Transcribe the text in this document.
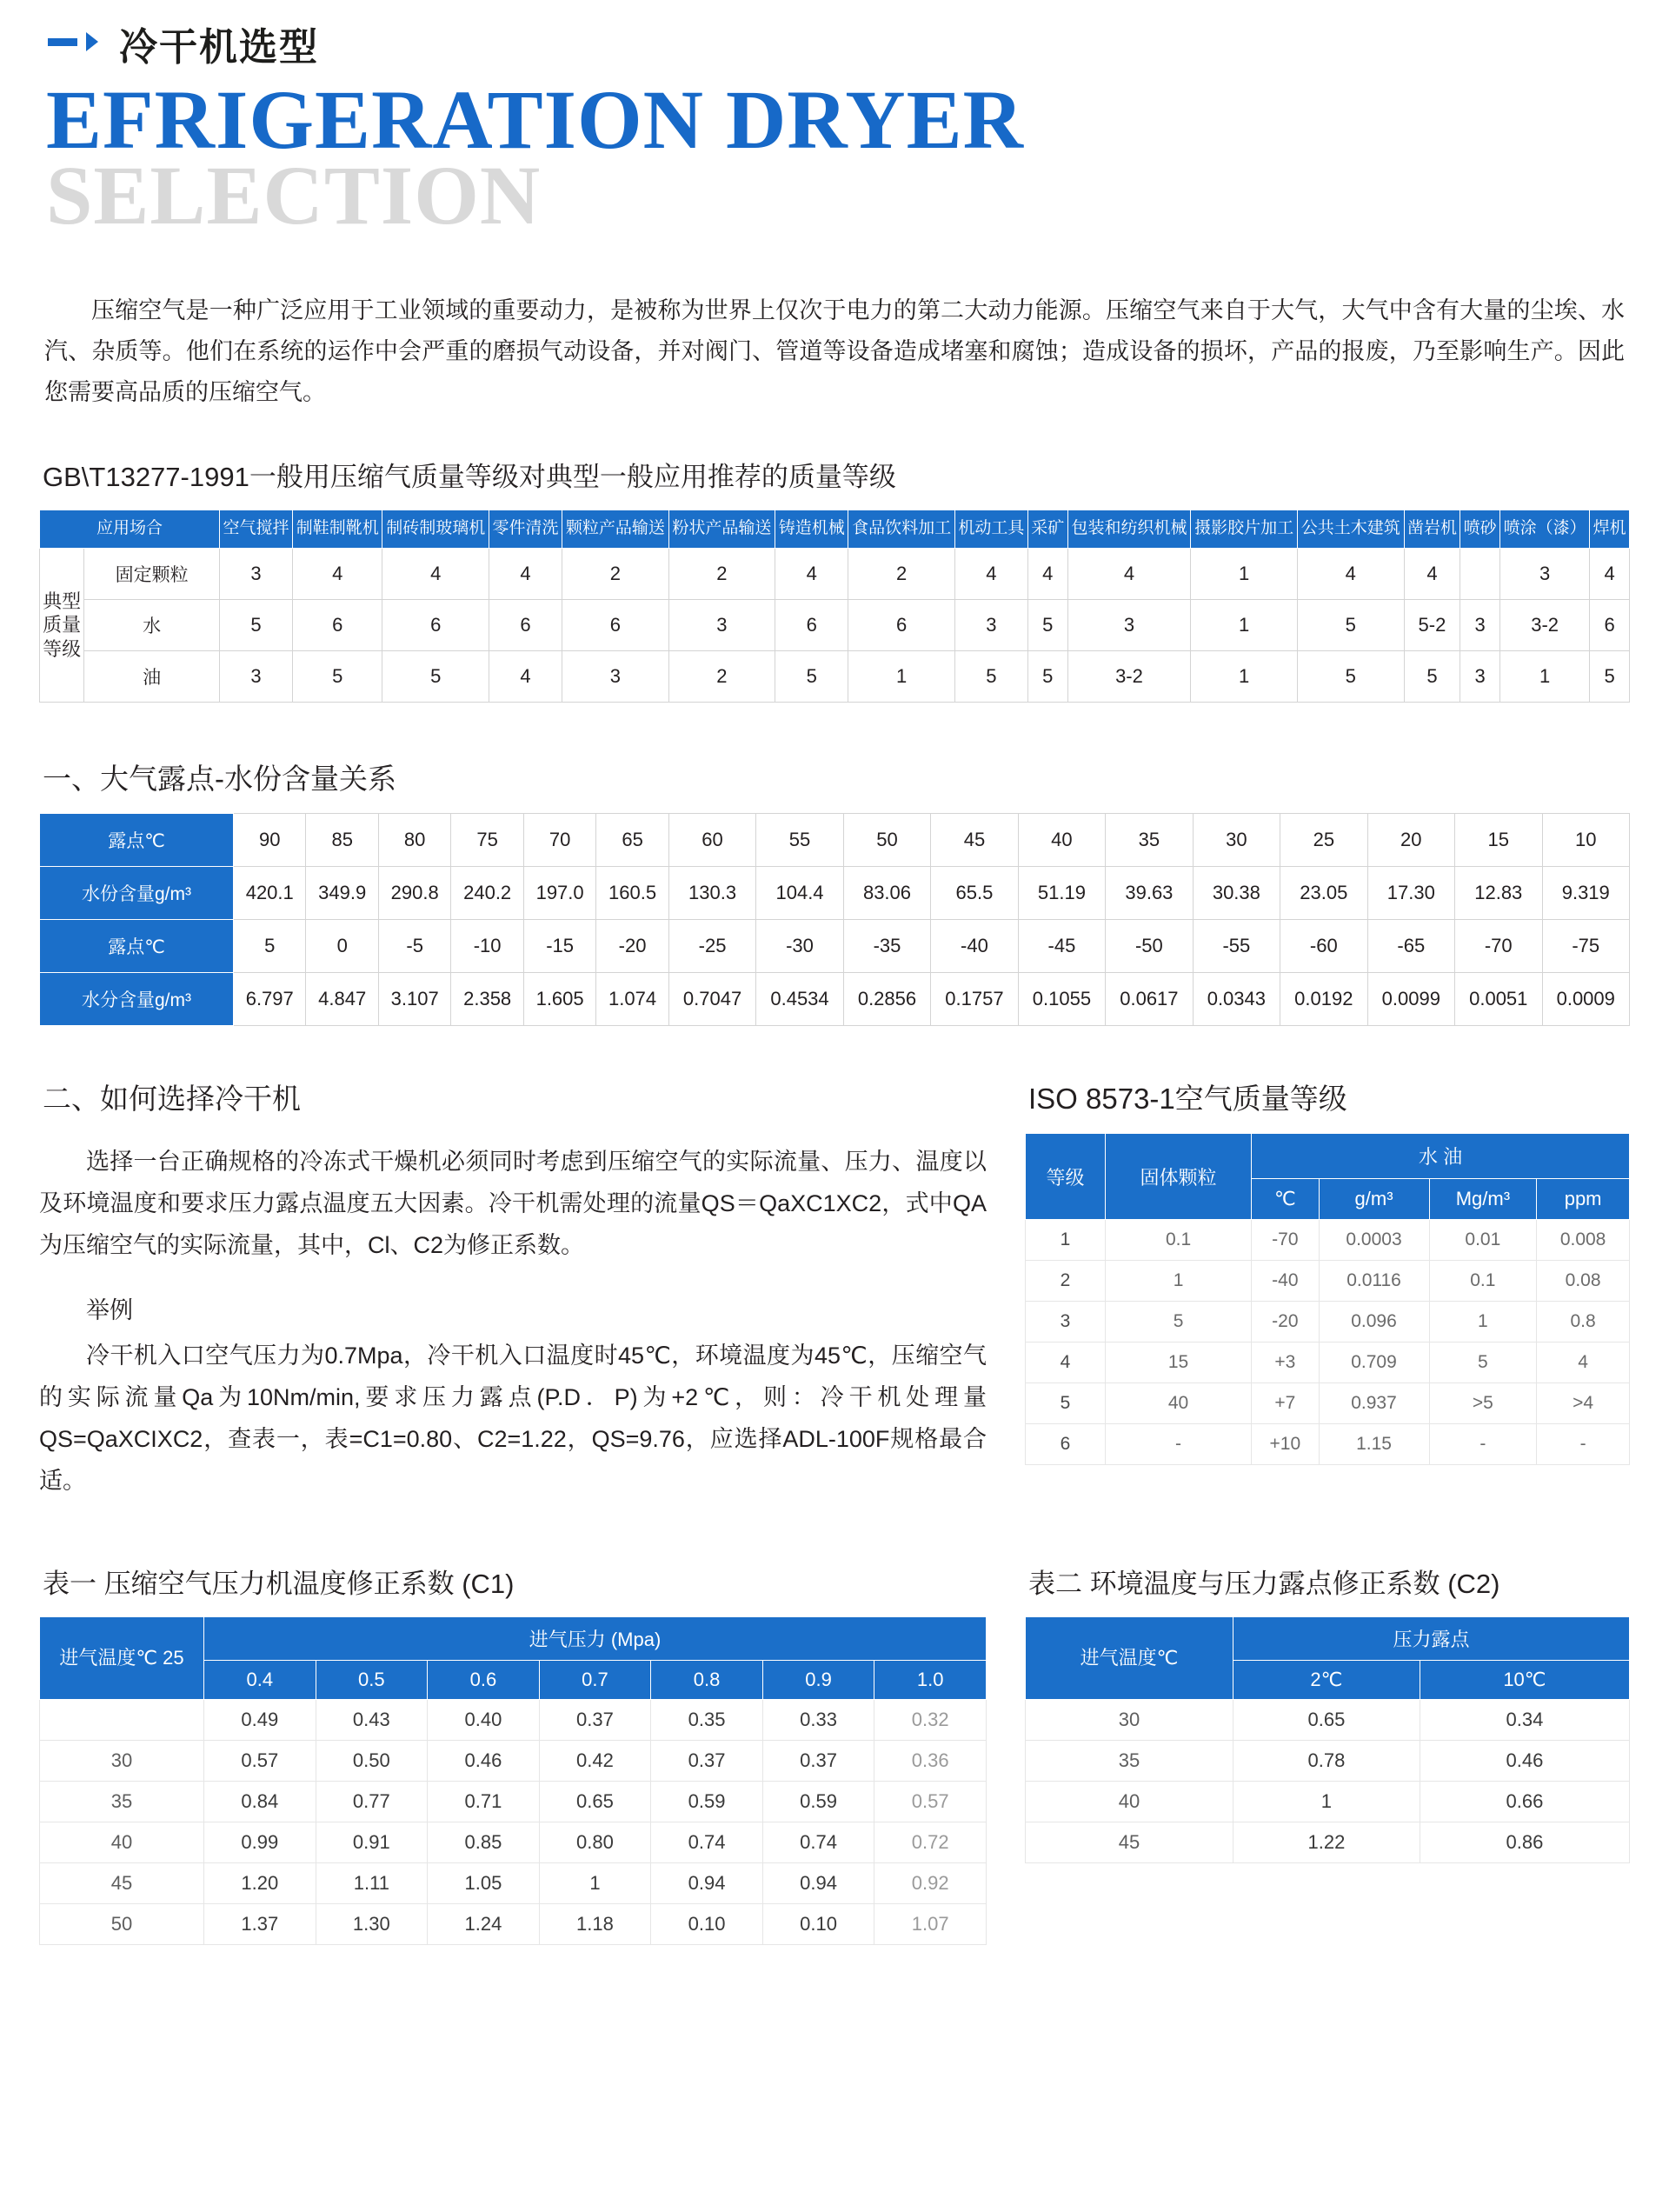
冷干机选型
EFRIGERATION DRYER
SELECTION

压缩空气是一种广泛应用于工业领域的重要动力，是被称为世界上仅次于电力的第二大动力能源。压缩空气来自于大气，大气中含有大量的尘埃、水汽、杂质等。他们在系统的运作中会严重的磨损气动设备，并对阀门、管道等设备造成堵塞和腐蚀；造成设备的损坏，产品的报废，乃至影响生产。因此您需要高品质的压缩空气。

GB\T13277-1991一般用压缩气质量等级对典型一般应用推荐的质量等级
应用场合		空气搅拌	制鞋制靴机	制砖制玻璃机	零件清洗	颗粒产品输送	粉状产品输送	铸造机械	食品饮料加工	机动工具	采矿	包装和纺织机械	摄影胶片加工	公共土木建筑	凿岩机	喷砂	喷涂（漆）	焊机
典型质量等级	固定颗粒	3	4	4	4	2	2	4	2	4	4	4	1	4	4		3	4
	水	5	6	6	6	6	3	6	6	3	5	3	1	5	5-2	3	3-2	6
	油	3	5	5	4	3	2	5	1	5	5	3-2	1	5	5	3	1	5
一、大气露点-水份含量关系
露点℃	90	85	80	75	70	65	60	55	50	45	40	35	30	25	20	15	10
水份含量g/m³	420.1	349.9	290.8	240.2	197.0	160.5	130.3	104.4	83.06	65.5	51.19	39.63	30.38	23.05	17.30	12.83	9.319
露点℃	5	0	-5	-10	-15	-20	-25	-30	-35	-40	-45	-50	-55	-60	-65	-70	-75
水分含量g/m³	6.797	4.847	3.107	2.358	1.605	1.074	0.7047	0.4534	0.2856	0.1757	0.1055	0.0617	0.0343	0.0192	0.0099	0.0051	0.0009
二、如何选择冷干机

选择一台正确规格的冷冻式干燥机必须同时考虑到压缩空气的实际流量、压力、温度以及环境温度和要求压力露点温度五大因素。冷干机需处理的流量QS＝QaXC1XC2，式中QA为压缩空气的实际流量，其中，Cl、C2为修正系数。

举例

冷干机入口空气压力为0.7Mpa，冷干机入口温度时45℃，环境温度为45℃，压缩空气的实际流量Qa为10Nm/min,要求压力露点(P.D．P)为+2℃，则：冷干机处理量QS=QaXCIXC2，查表一，表=C1=0.80、C2=1.22，QS=9.76，应选择ADL-100F规格最合适。

ISO 8573-1空气质量等级
等级	固体颗粒	水 油			
		℃	g/m³	Mg/m³	ppm
1	0.1	-70	0.0003	0.01	0.008
2	1	-40	0.0116	0.1	0.08
3	5	-20	0.096	1	0.8
4	15	+3	0.709	5	4
5	40	+7	0.937	>5	>4
6	-	+10	1.15	-	-
表一 压缩空气压力机温度修正系数 (C1)
进气温度℃ 25	进气压力 (Mpa)						
	0.4	0.5	0.6	0.7	0.8	0.9	1.0
	0.49	0.43	0.40	0.37	0.35	0.33	0.32
30	0.57	0.50	0.46	0.42	0.37	0.37	0.36
35	0.84	0.77	0.71	0.65	0.59	0.59	0.57
40	0.99	0.91	0.85	0.80	0.74	0.74	0.72
45	1.20	1.11	1.05	1	0.94	0.94	0.92
50	1.37	1.30	1.24	1.18	0.10	0.10	1.07
表二 环境温度与压力露点修正系数 (C2)
进气温度℃	压力露点	
	2℃	10℃
30	0.65	0.34
35	0.78	0.46
40	1	0.66
45	1.22	0.86
